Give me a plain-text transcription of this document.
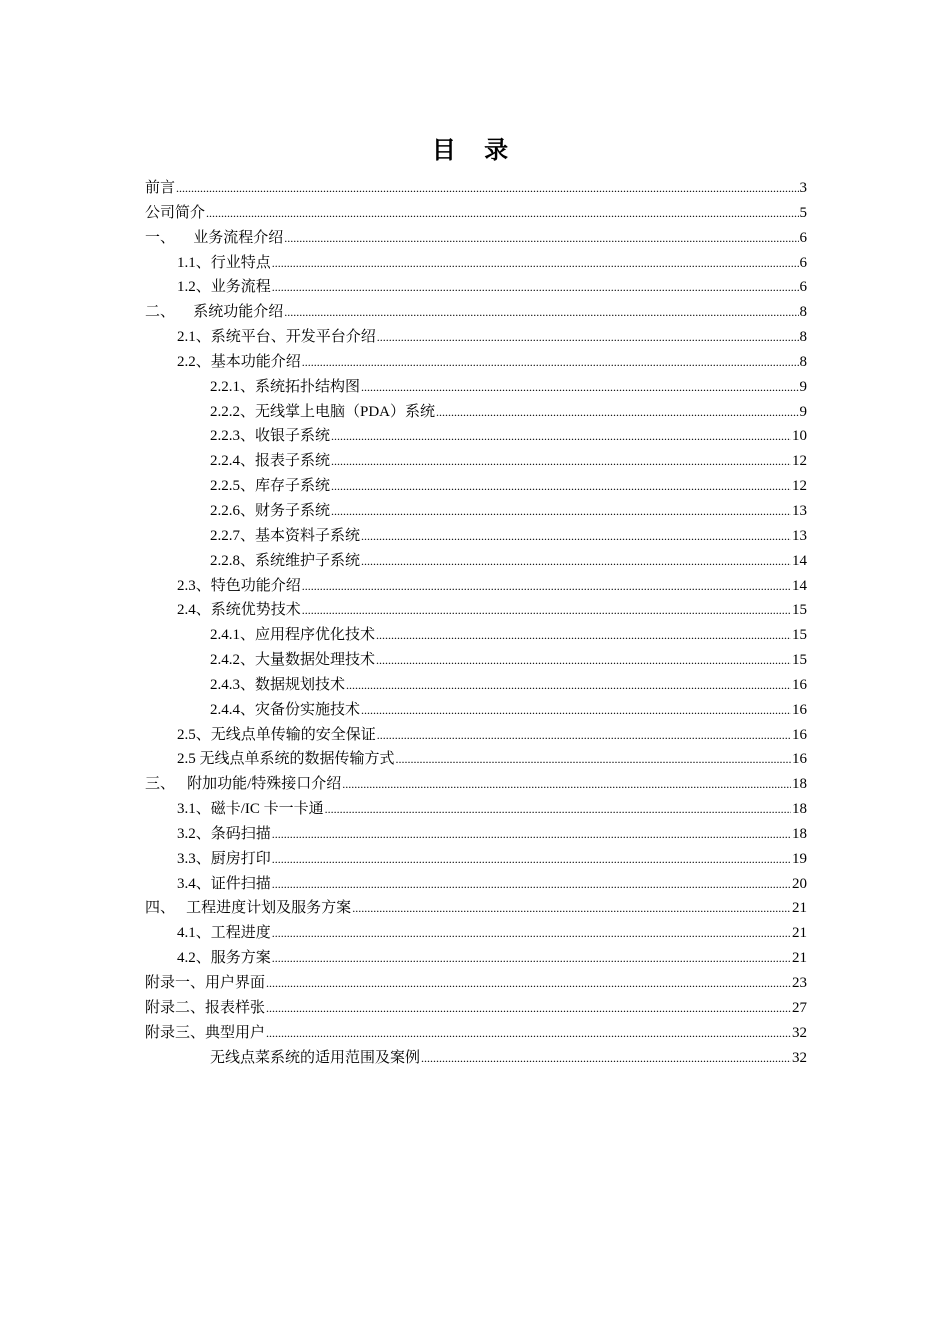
目 录
前言 .....	3
公司简介 .....	5
一、	业务流程介绍 .....	6
1.1、行业特点 .....	6
1.2、业务流程 .....	6
二、	系统功能介绍 .....	8
2.1、系统平台、开发平台介绍 .....	8
2.2、基本功能介绍 .....	8
2.2.1、系统拓扑结构图 .....	9
2.2.2、无线掌上电脑（PDA）系统 .....	9
2.2.3、收银子系统 .....	10
2.2.4、报表子系统 .....	12
2.2.5、库存子系统 .....	12
2.2.6、财务子系统 .....	13
2.2.7、基本资料子系统 .....	13
2.2.8、系统维护子系统 .....	14
2.3、特色功能介绍 .....	14
2.4、系统优势技术 .....	15
2.4.1、应用程序优化技术 .....	15
2.4.2、大量数据处理技术 .....	15
2.4.3、数据规划技术 .....	16
2.4.4、灾备份实施技术 .....	16
2.5、无线点单传输的安全保证 .....	16
2.5 无线点单系统的数据传输方式 .....	16
三、 附加功能/特殊接口介绍 .....	18
3.1、磁卡/IC 卡一卡通 .....	18
3.2、条码扫描 .....	18
3.3、厨房打印 .....	19
3.4、证件扫描 .....	20
四、 工程进度计划及服务方案 .....	21
4.1、工程进度 .....	21
4.2、服务方案 .....	21
附录一、用户界面 .....	23
附录二、报表样张 .....	27
附录三、典型用户 .....	32
无线点菜系统的适用范围及案例 .....	32
